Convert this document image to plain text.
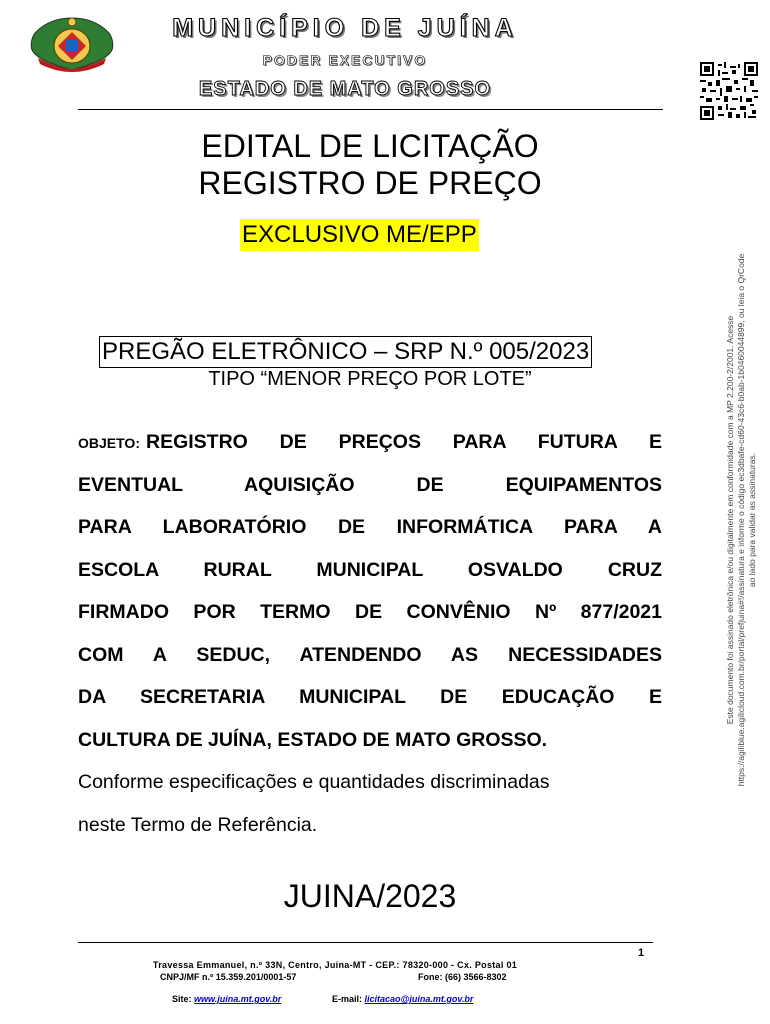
MUNICÍPIO DE JUÍNA
PODER EXECUTIVO
ESTADO DE MATO GROSSO
Este documento foi assinado eletrônica e/ou digitalmente em conformidade com a MP 2.200-2/2001. Acesse https://agiliblue.agilicloud.com.br/portal/prefjuina#!/assinatura e informe o código ec3dbafe-cd60-43c6-b0ab-1b0460044899, ou leia o QrCode ao lado para validar as assinaturas.
EDITAL DE LICITAÇÃO
REGISTRO DE PREÇO
EXCLUSIVO ME/EPP
PREGÃO ELETRÔNICO – SRP N.º 005/2023
TIPO “MENOR PREÇO POR LOTE”
OBJETO: REGISTRO DE PREÇOS PARA FUTURA E
EVENTUAL AQUISIÇÃO DE EQUIPAMENTOS
PARA LABORATÓRIO DE INFORMÁTICA PARA A
ESCOLA RURAL MUNICIPAL OSVALDO CRUZ
FIRMADO POR TERMO DE CONVÊNIO Nº 877/2021
COM A SEDUC, ATENDENDO AS NECESSIDADES
DA SECRETARIA MUNICIPAL DE EDUCAÇÃO E
CULTURA DE JUÍNA, ESTADO DE MATO GROSSO.
Conforme especificações e quantidades discriminadas
neste Termo de Referência.
JUINA/2023
1
Travessa Emmanuel, n.º 33N, Centro, Juína-MT - CEP.: 78320-000 - Cx. Postal 01
CNPJ/MF n.º 15.359.201/0001-57	Fone: (66) 3566-8302
Site: www.juina.mt.gov.br	E-mail: licitacao@juina.mt.gov.br
